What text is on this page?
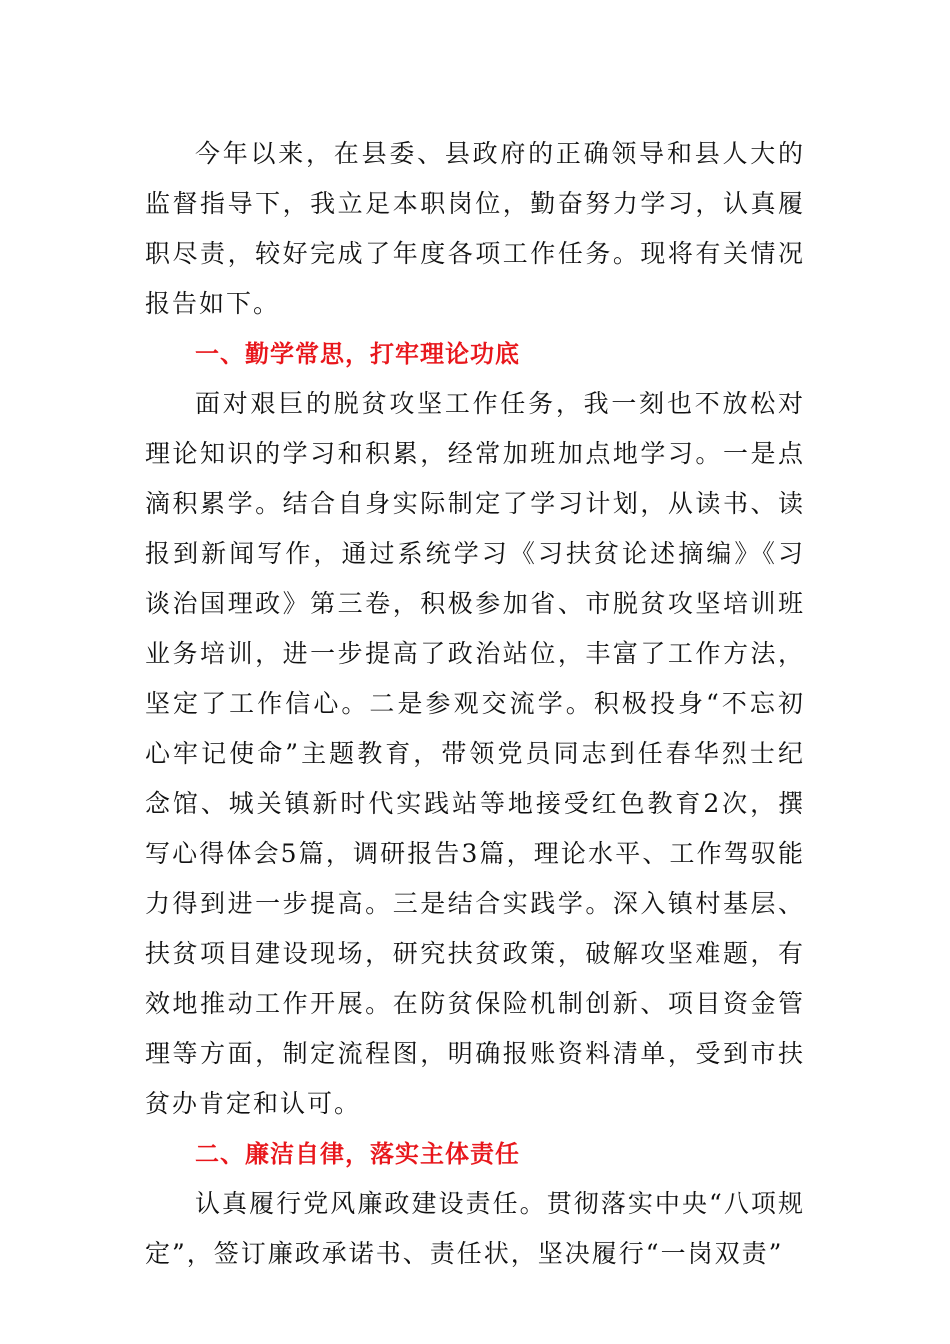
今年以来，在县委、县政府的正确领导和县人大的监督指导下，我立足本职岗位，勤奋努力学习，认真履职尽责，较好完成了年度各项工作任务。现将有关情况报告如下。

一、勤学常思，打牢理论功底

面对艰巨的脱贫攻坚工作任务，我一刻也不放松对理论知识的学习和积累，经常加班加点地学习。一是点滴积累学。结合自身实际制定了学习计划，从读书、读报到新闻写作，通过系统学习《习扶贫论述摘编》《习谈治国理政》第三卷，积极参加省、市脱贫攻坚培训班业务培训，进一步提高了政治站位，丰富了工作方法，坚定了工作信心。二是参观交流学。积极投身“不忘初心牢记使命”主题教育，带领党员同志到任春华烈士纪念馆、城关镇新时代实践站等地接受红色教育2次，撰写心得体会5篇，调研报告3篇，理论水平、工作驾驭能力得到进一步提高。三是结合实践学。深入镇村基层、扶贫项目建设现场，研究扶贫政策，破解攻坚难题，有效地推动工作开展。在防贫保险机制创新、项目资金管理等方面，制定流程图，明确报账资料清单，受到市扶贫办肯定和认可。

二、廉洁自律，落实主体责任

认真履行党风廉政建设责任。贯彻落实中央“八项规定”，签订廉政承诺书、责任状，坚决履行“一岗双责”
